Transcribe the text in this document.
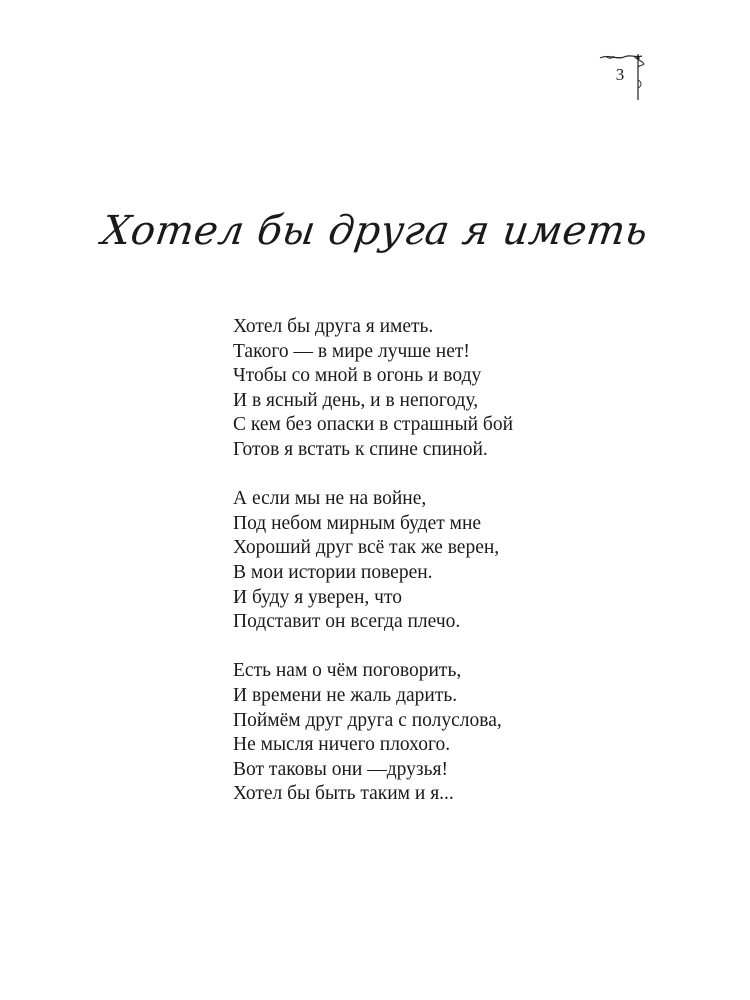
3
Хотел бы друга я иметь
Хотел бы друга я иметь.
Такого — в мире лучше нет!
Чтобы со мной в огонь и воду
И в ясный день, и в непогоду,
С кем без опаски в страшный бой
Готов я встать к спине спиной.
А если мы не на войне,
Под небом мирным будет мне
Хороший друг всё так же верен,
В мои истории поверен.
И буду я уверен, что
Подставит он всегда плечо.
Есть нам о чём поговорить,
И времени не жаль дарить.
Поймём друг друга с полуслова,
Не мысля ничего плохого.
Вот таковы они —друзья!
Хотел бы быть таким и я...
